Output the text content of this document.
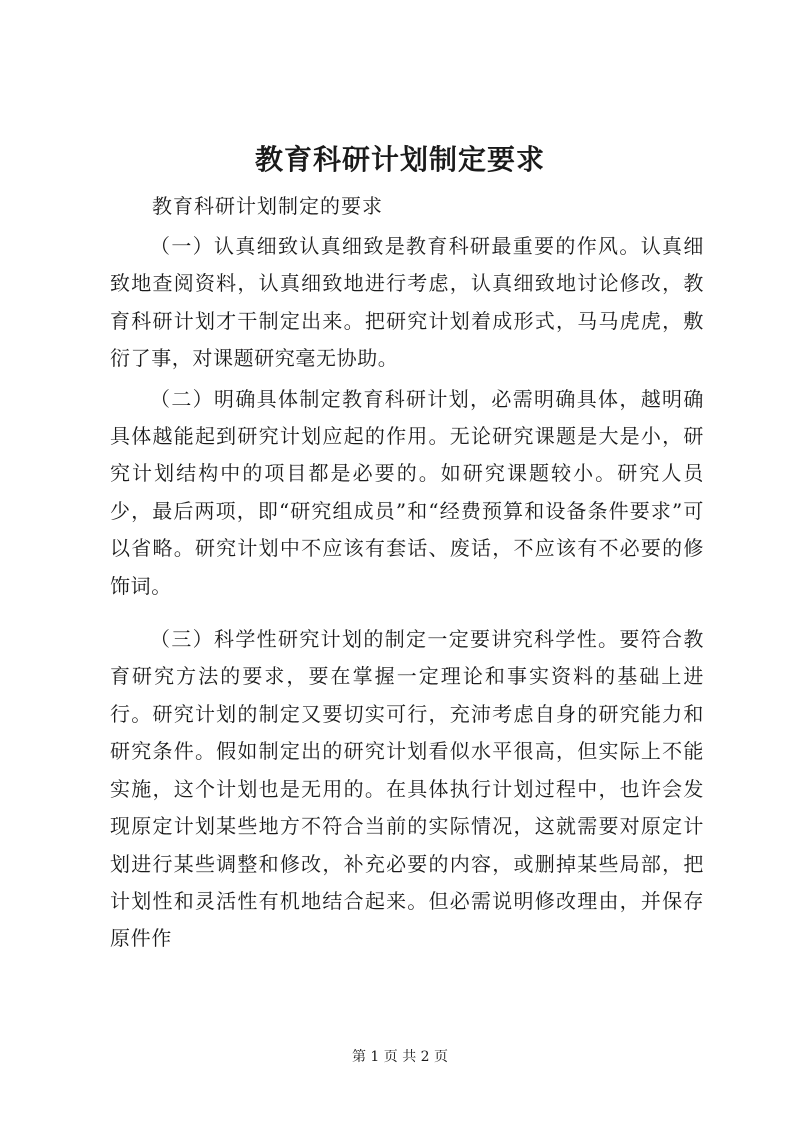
教育科研计划制定要求
教育科研计划制定的要求

（一）认真细致认真细致是教育科研最重要的作风。认真细致地查阅资料，认真细致地进行考虑，认真细致地讨论修改，教育科研计划才干制定出来。把研究计划着成形式，马马虎虎，敷衍了事，对课题研究毫无协助。

（二）明确具体制定教育科研计划，必需明确具体，越明确具体越能起到研究计划应起的作用。无论研究课题是大是小，研究计划结构中的项目都是必要的。如研究课题较小。研究人员少，最后两项，即“研究组成员”和“经费预算和设备条件要求”可以省略。研究计划中不应该有套话、废话，不应该有不必要的修饰词。

（三）科学性研究计划的制定一定要讲究科学性。要符合教育研究方法的要求，要在掌握一定理论和事实资料的基础上进行。研究计划的制定又要切实可行，充沛考虑自身的研究能力和研究条件。假如制定出的研究计划看似水平很高，但实际上不能实施，这个计划也是无用的。在具体执行计划过程中，也许会发现原定计划某些地方不符合当前的实际情况，这就需要对原定计划进行某些调整和修改，补充必要的内容，或删掉某些局部，把计划性和灵活性有机地结合起来。但必需说明修改理由，并保存原件作

第 1 页 共 2 页
